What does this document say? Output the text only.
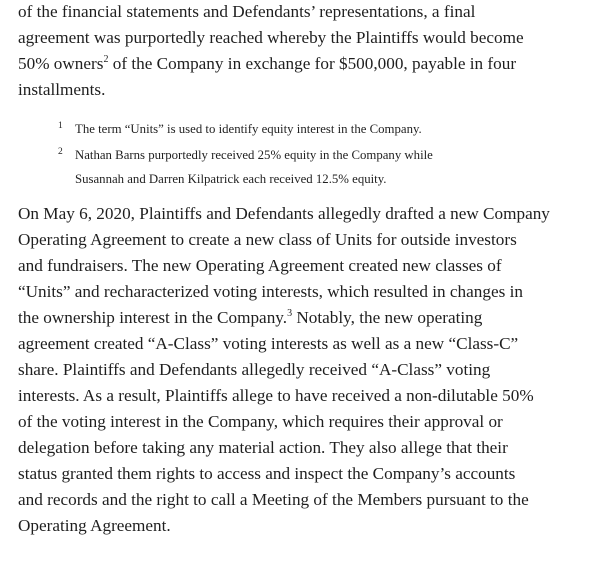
of the financial statements and Defendants’ representations, a final
agreement was purportedly reached whereby the Plaintiffs would become
50% owners$^2$ of the Company in exchange for $500,000, payable in four
installments.

1 The term “Units” is used to identify equity interest in the Company.
2 Nathan Barns purportedly received 25% equity in the Company while
Susannah and Darren Kilpatrick each received 12.5% equity.

On May 6, 2020, Plaintiffs and Defendants allegedly drafted a new Company
Operating Agreement to create a new class of Units for outside investors
and fundraisers. The new Operating Agreement created new classes of
“Units” and recharacterized voting interests, which resulted in changes in
the ownership interest in the Company.$^3$ Notably, the new operating
agreement created “A-Class” voting interests as well as a new “Class-C”
share. Plaintiffs and Defendants allegedly received “A-Class” voting
interests. As a result, Plaintiffs allege to have received a non-dilutable 50%
of the voting interest in the Company, which requires their approval or
delegation before taking any material action. They also allege that their
status granted them rights to access and inspect the Company’s accounts
and records and the right to call a Meeting of the Members pursuant to the
Operating Agreement.
